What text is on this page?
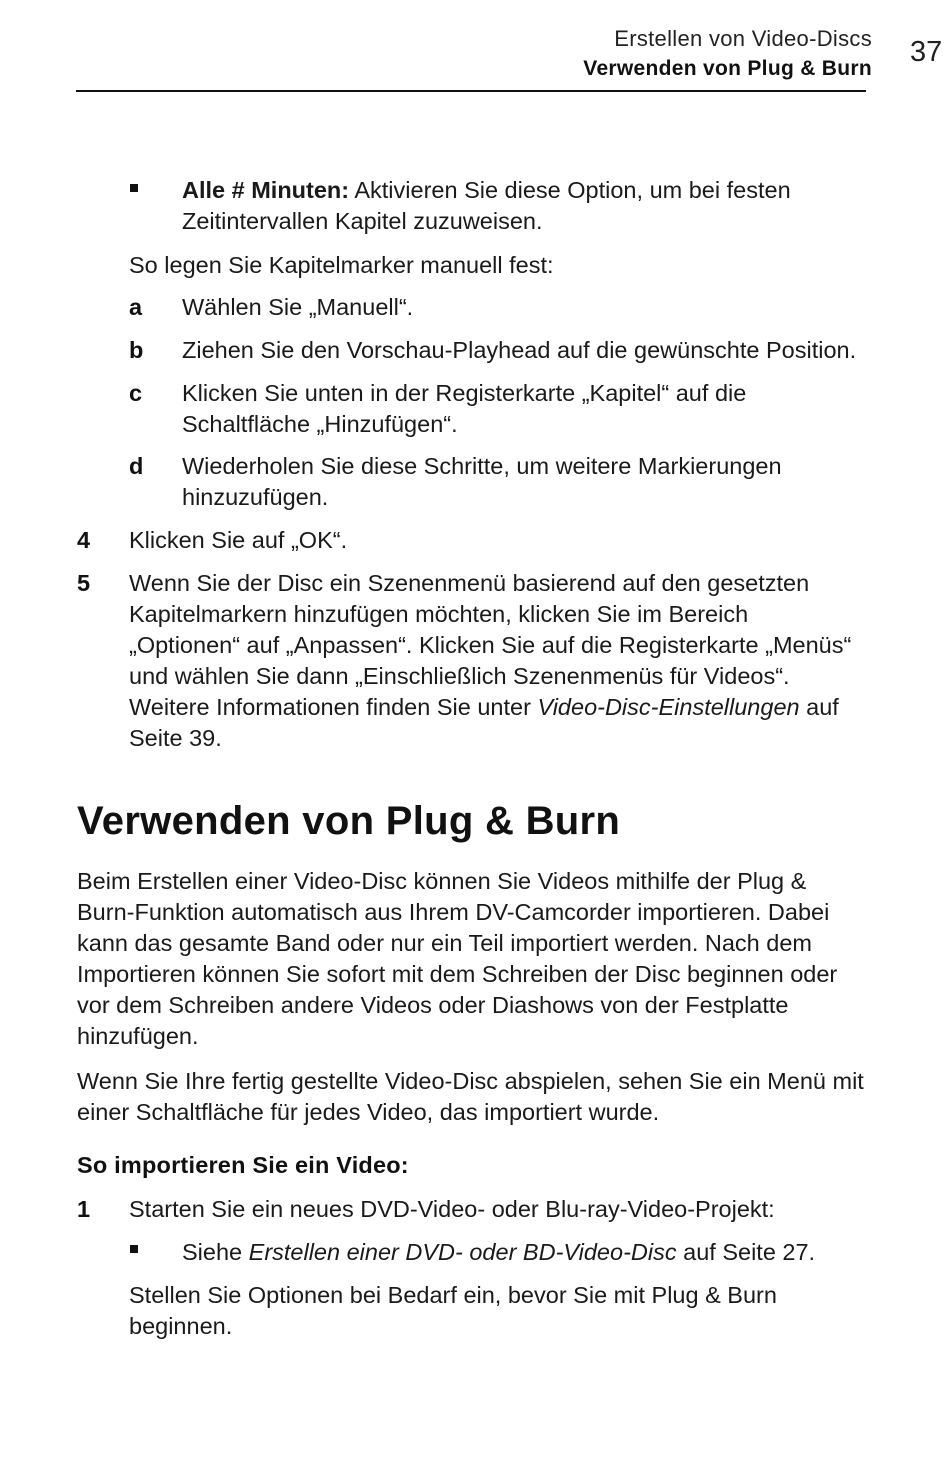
Erstellen von Video-Discs
Verwenden von Plug & Burn
37
Alle # Minuten: Aktivieren Sie diese Option, um bei festen
Zeitintervallen Kapitel zuzuweisen.
So legen Sie Kapitelmarker manuell fest:
a Wählen Sie „Manuell“.
b Ziehen Sie den Vorschau-Playhead auf die gewünschte Position.
c Klicken Sie unten in der Registerkarte „Kapitel“ auf die
Schaltfläche „Hinzufügen“.
d Wiederholen Sie diese Schritte, um weitere Markierungen
hinzuzufügen.
4 Klicken Sie auf „OK“.
5 Wenn Sie der Disc ein Szenenmenü basierend auf den gesetzten
Kapitelmarkern hinzufügen möchten, klicken Sie im Bereich
„Optionen“ auf „Anpassen“. Klicken Sie auf die Registerkarte „Menüs“
und wählen Sie dann „Einschließlich Szenenmenüs für Videos“.
Weitere Informationen finden Sie unter Video-Disc-Einstellungen auf
Seite 39.
Verwenden von Plug & Burn
Beim Erstellen einer Video-Disc können Sie Videos mithilfe der Plug &
Burn-Funktion automatisch aus Ihrem DV-Camcorder importieren. Dabei
kann das gesamte Band oder nur ein Teil importiert werden. Nach dem
Importieren können Sie sofort mit dem Schreiben der Disc beginnen oder
vor dem Schreiben andere Videos oder Diashows von der Festplatte
hinzufügen.
Wenn Sie Ihre fertig gestellte Video-Disc abspielen, sehen Sie ein Menü mit
einer Schaltfläche für jedes Video, das importiert wurde.
So importieren Sie ein Video:
1 Starten Sie ein neues DVD-Video- oder Blu-ray-Video-Projekt:
Siehe Erstellen einer DVD- oder BD-Video-Disc auf Seite 27.
Stellen Sie Optionen bei Bedarf ein, bevor Sie mit Plug & Burn
beginnen.
